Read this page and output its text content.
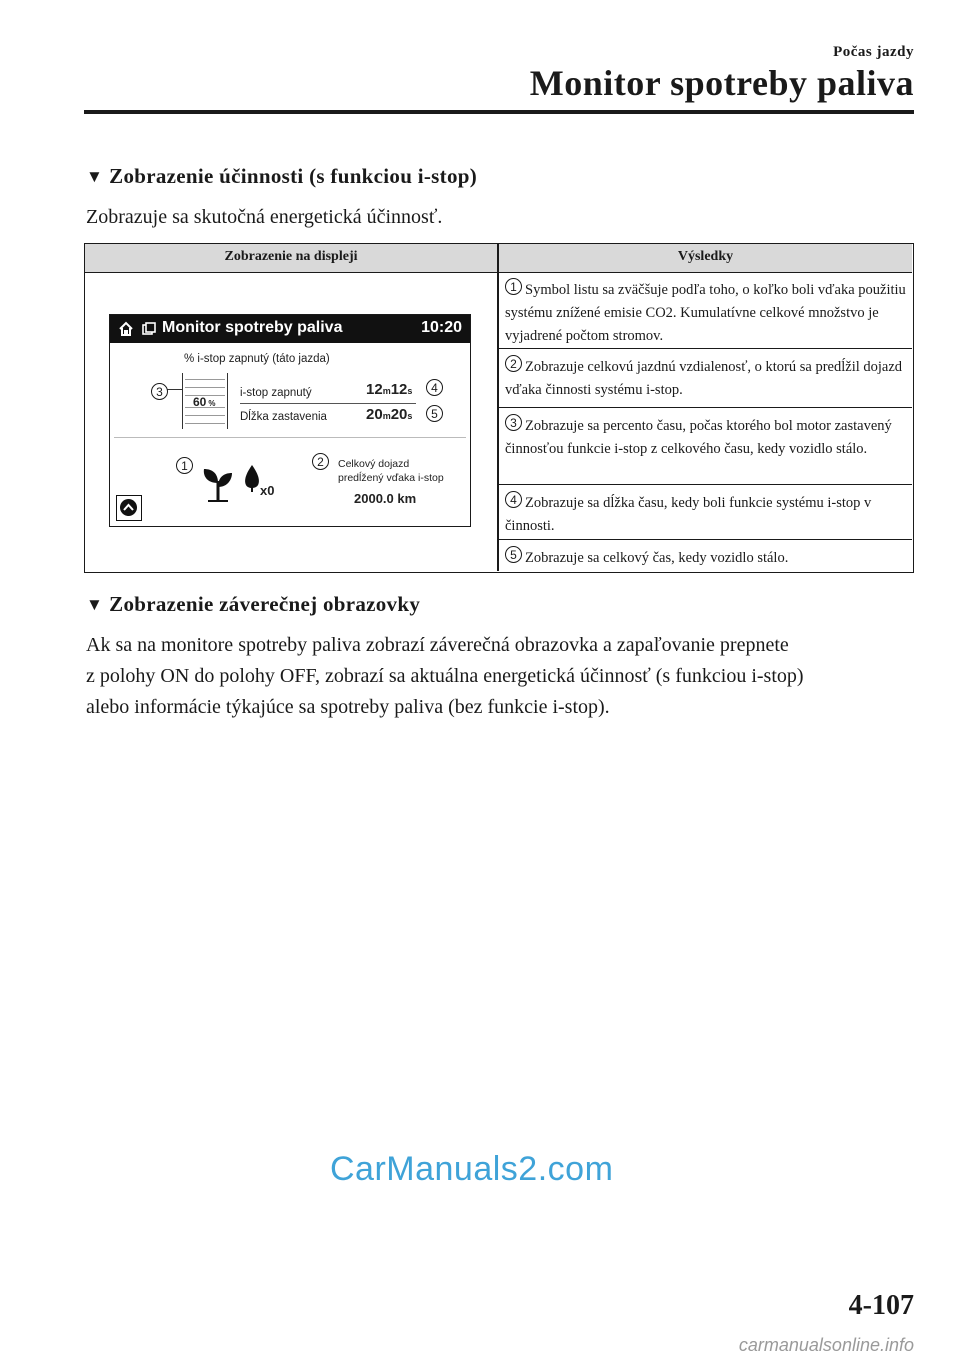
Počas jazdy
Monitor spotreby paliva
▼ Zobrazenie účinnosti (s funkciou i-stop)
Zobrazuje sa skutočná energetická účinnosť.
Zobrazenie na displeji	Výsledky
1 Symbol listu sa zväčšuje podľa toho, o koľko boli vďaka použitiu systému znížené emisie CO2. Kumulatívne celkové množstvo je vyjadrené počtom stromov.
2 Zobrazuje celkovú jazdnú vzdialenosť, o ktorú sa predĺžil dojazd vďaka činnosti systému i-stop.
3 Zobrazuje sa percento času, počas ktorého bol motor zastavený činnosťou funkcie i-stop z celkového času, kedy vozidlo stálo.
4 Zobrazuje sa dĺžka času, kedy boli funkcie systému i-stop v činnosti.
5 Zobrazuje sa celkový čas, kedy vozidlo stálo.
Monitor spotreby paliva	10:20
% i-stop zapnutý (táto jazda)
60 %
3	i-stop zapnutý	12m12s	4
Dĺžka zastavenia	20m20s	5
1
x0
2	Celkový dojazd
predĺžený vďaka i-stop
2000.0 km
▼ Zobrazenie záverečnej obrazovky
Ak sa na monitore spotreby paliva zobrazí záverečná obrazovka a zapaľovanie prepnete
z polohy ON do polohy OFF, zobrazí sa aktuálna energetická účinnosť (s funkciou i-stop)
alebo informácie týkajúce sa spotreby paliva (bez funkcie i-stop).
CarManuals2.com
4-107
carmanualsonline.info
